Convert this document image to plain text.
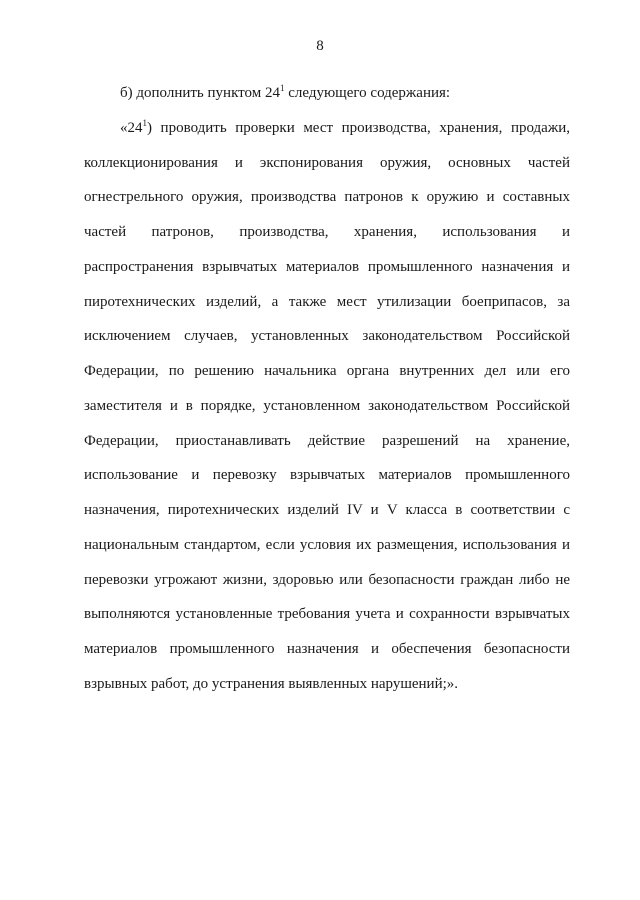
8
б) дополнить пунктом $24^1$ следующего содержания:
«$24^1$) проводить проверки мест производства, хранения, продажи,
коллекционирования и экспонирования оружия, основных частей
огнестрельного оружия, производства патронов к оружию и составных
частей патронов, производства, хранения, использования и
распространения взрывчатых материалов промышленного назначения и
пиротехнических изделий, а также мест утилизации боеприпасов, за
исключением случаев, установленных законодательством Российской
Федерации, по решению начальника органа внутренних дел или его
заместителя и в порядке, установленном законодательством Российской
Федерации, приостанавливать действие разрешений на хранение,
использование и перевозку взрывчатых материалов промышленного
назначения, пиротехнических изделий IV и V класса в соответствии с
национальным стандартом, если условия их размещения, использования и
перевозки угрожают жизни, здоровью или безопасности граждан либо не
выполняются установленные требования учета и сохранности взрывчатых
материалов промышленного назначения и обеспечения безопасности
взрывных работ, до устранения выявленных нарушений;».
